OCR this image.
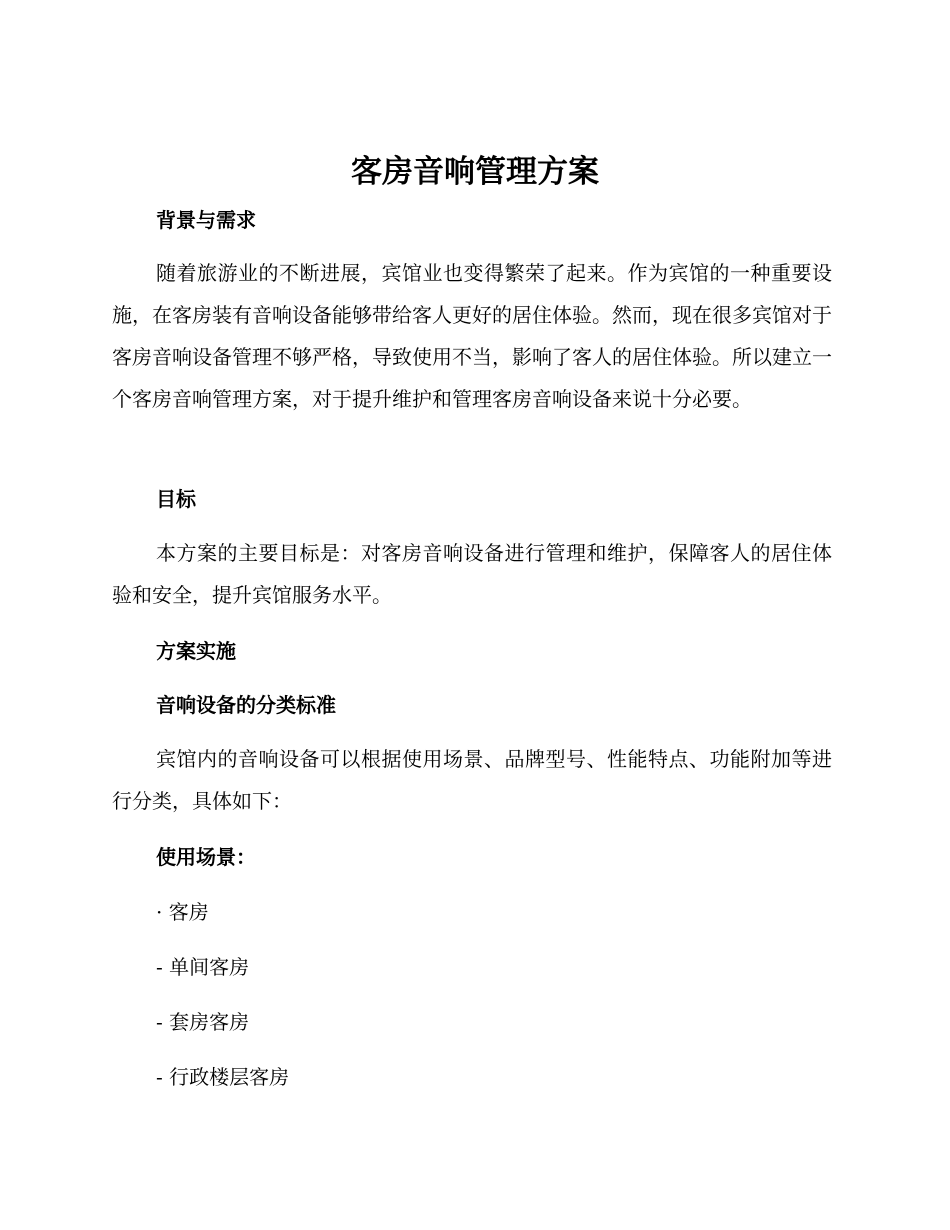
客房音响管理方案
背景与需求

随着旅游业的不断进展，宾馆业也变得繁荣了起来。作为宾馆的一种重要设施，在客房装有音响设备能够带给客人更好的居住体验。然而，现在很多宾馆对于客房音响设备管理不够严格，导致使用不当，影响了客人的居住体验。所以建立一个客房音响管理方案，对于提升维护和管理客房音响设备来说十分必要。

目标

本方案的主要目标是：对客房音响设备进行管理和维护，保障客人的居住体验和安全，提升宾馆服务水平。

方案实施
音响设备的分类标准

宾馆内的音响设备可以根据使用场景、品牌型号、性能特点、功能附加等进行分类，具体如下：

使用场景：

· 客房

- 单间客房

- 套房客房

- 行政楼层客房
